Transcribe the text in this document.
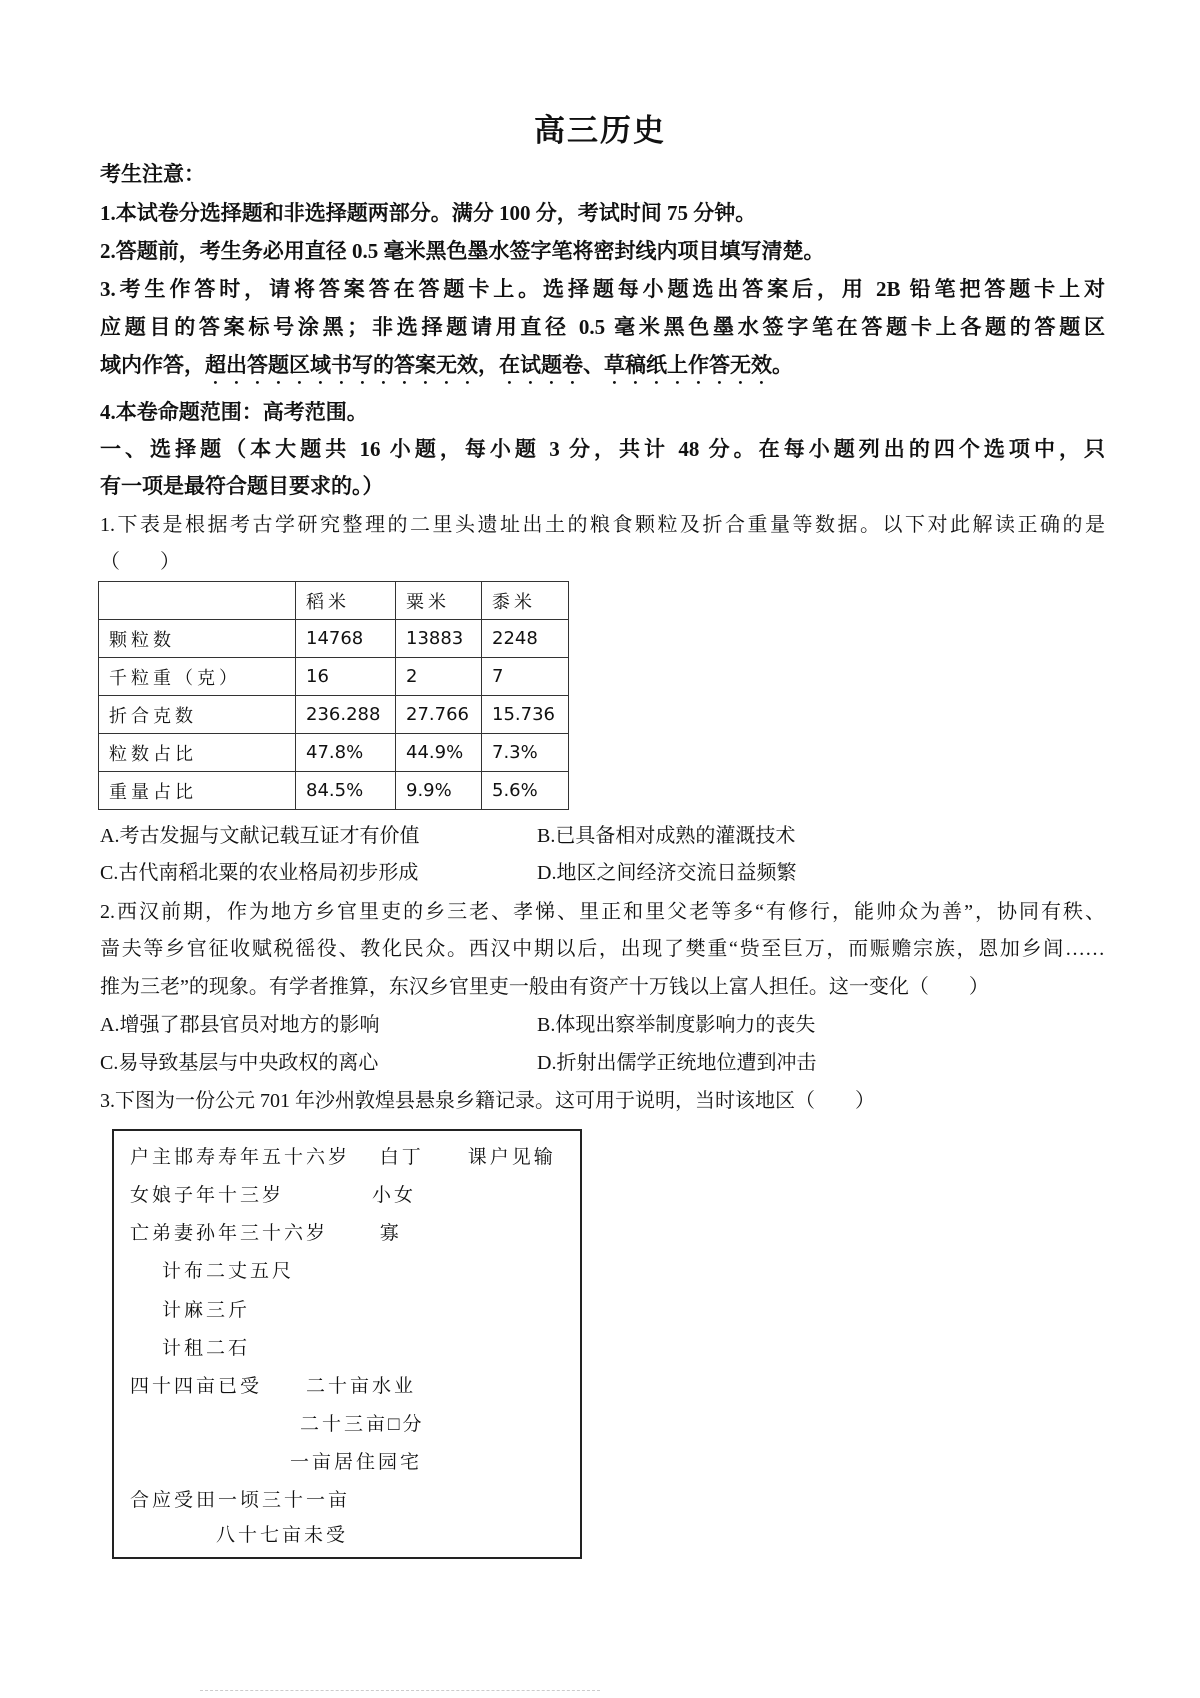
高三历史
考生注意：
1.本试卷分选择题和非选择题两部分。满分 100 分，考试时间 75 分钟。
2.答题前，考生务必用直径 0.5 毫米黑色墨水签字笔将密封线内项目填写清楚。
3.考生作答时，请将答案答在答题卡上。选择题每小题选出答案后，用 2B 铅笔把答题卡上对
应题目的答案标号涂黑；非选择题请用直径 0.5 毫米黑色墨水签字笔在答题卡上各题的答题区
域内作答，超出答题区域书写的答案无效，在试题卷、草稿纸上作答无效。
4.本卷命题范围：高考范围。
一、选择题（本大题共 16 小题，每小题 3 分，共计 48 分。在每小题列出的四个选项中，只
有一项是最符合题目要求的。）
1.下表是根据考古学研究整理的二里头遗址出土的粮食颗粒及折合重量等数据。以下对此解读正确的是
（　　）
	稻米	粟米	黍米
颗粒数	14768	13883	2248
千粒重（克）	16	2	7
折合克数	236.288	27.766	15.736
粒数占比	47.8%	44.9%	7.3%
重量占比	84.5%	9.9%	5.6%
A.考古发掘与文献记载互证才有价值	B.已具备相对成熟的灌溉技术
C.古代南稻北粟的农业格局初步形成	D.地区之间经济交流日益频繁
2.西汉前期，作为地方乡官里吏的乡三老、孝悌、里正和里父老等多“有修行，能帅众为善”，协同有秩、
啬夫等乡官征收赋税徭役、教化民众。西汉中期以后，出现了樊重“赀至巨万，而赈赡宗族，恩加乡闾……
推为三老”的现象。有学者推算，东汉乡官里吏一般由有资产十万钱以上富人担任。这一变化（　　）
A.增强了郡县官员对地方的影响	B.体现出察举制度影响力的丧失
C.易导致基层与中央政权的离心	D.折射出儒学正统地位遭到冲击
3.下图为一份公元 701 年沙州敦煌县悬泉乡籍记录。这可用于说明，当时该地区（　　）
户主邯寿寿年五十六岁　 白丁　　课户见输
女娘子年十三岁　　　　小女
亡弟妻孙年三十六岁　　 寡
计布二丈五尺
计麻三斤
计租二石
四十四亩已受　　二十亩水业
二十三亩□分
一亩居住园宅
合应受田一顷三十一亩
八十七亩未受
